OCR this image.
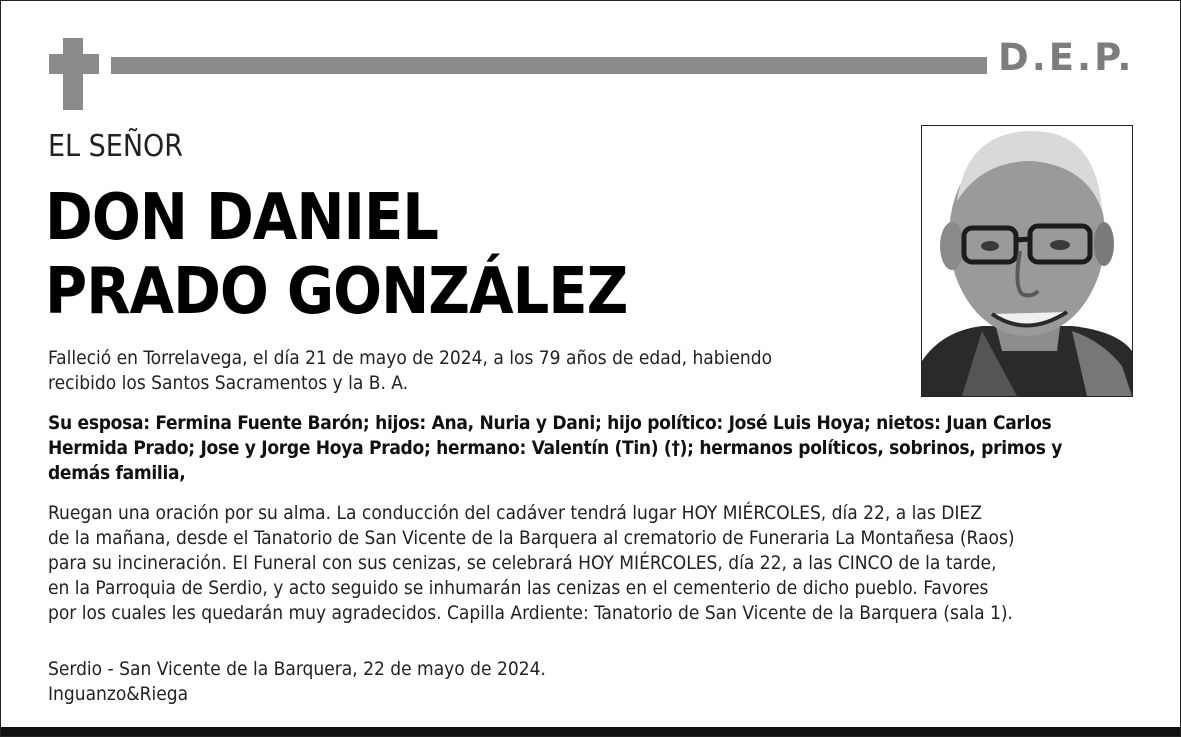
D.E.P.
EL SEÑOR
DON DANIEL
PRADO GONZÁLEZ
Falleció en Torrelavega, el día 21 de mayo de 2024, a los 79 años de edad, habiendo
recibido los Santos Sacramentos y la B. A.
Su esposa: Fermina Fuente Barón; hijos: Ana, Nuria y Dani; hijo político: José Luis Hoya; nietos: Juan Carlos
Hermida Prado; Jose y Jorge Hoya Prado; hermano: Valentín (Tin) (†); hermanos políticos, sobrinos, primos y
demás familia,
Ruegan una oración por su alma. La conducción del cadáver tendrá lugar HOY MIÉRCOLES, día 22, a las DIEZ
de la mañana, desde el Tanatorio de San Vicente de la Barquera al crematorio de Funeraria La Montañesa (Raos)
para su incineración. El Funeral con sus cenizas, se celebrará HOY MIÉRCOLES, día 22, a las CINCO de la tarde,
en la Parroquia de Serdio, y acto seguido se inhumarán las cenizas en el cementerio de dicho pueblo. Favores
por los cuales les quedarán muy agradecidos. Capilla Ardiente: Tanatorio de San Vicente de la Barquera (sala 1).
Serdio - San Vicente de la Barquera, 22 de mayo de 2024.
Inguanzo&Riega
